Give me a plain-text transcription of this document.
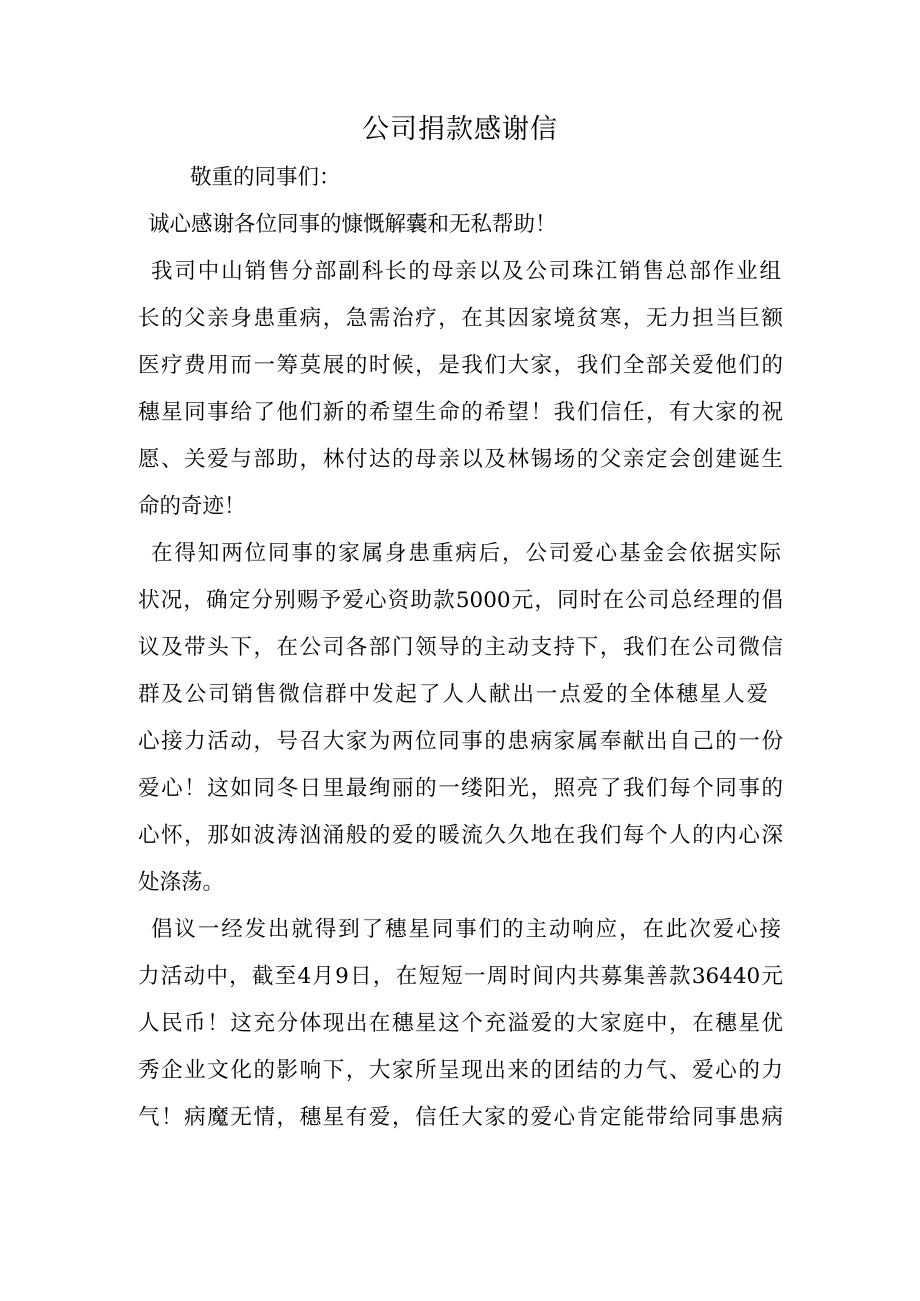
公司捐款感谢信
敬重的同事们：
诚心感谢各位同事的慷慨解囊和无私帮助！
我司中山销售分部副科长的母亲以及公司珠江销售总部作业组
长的父亲身患重病，急需治疗，在其因家境贫寒，无力担当巨额
医疗费用而一筹莫展的时候，是我们大家，我们全部关爱他们的
穗星同事给了他们新的希望生命的希望！我们信任，有大家的祝
愿、关爱与部助，林付达的母亲以及林锡场的父亲定会创建诞生
命的奇迹！
在得知两位同事的家属身患重病后，公司爱心基金会依据实际
状况，确定分别赐予爱心资助款5000元，同时在公司总经理的倡
议及带头下，在公司各部门领导的主动支持下，我们在公司微信
群及公司销售微信群中发起了人人献出一点爱的全体穗星人爱
心接力活动，号召大家为两位同事的患病家属奉献出自己的一份
爱心！这如同冬日里最绚丽的一缕阳光，照亮了我们每个同事的
心怀，那如波涛汹涌般的爱的暖流久久地在我们每个人的内心深
处涤荡。
倡议一经发出就得到了穗星同事们的主动响应，在此次爱心接
力活动中，截至4月9日，在短短一周时间内共募集善款36440元
人民币！这充分体现出在穗星这个充溢爱的大家庭中，在穗星优
秀企业文化的影响下，大家所呈现出来的团结的力气、爱心的力
气！病魔无情，穗星有爱，信任大家的爱心肯定能带给同事患病
